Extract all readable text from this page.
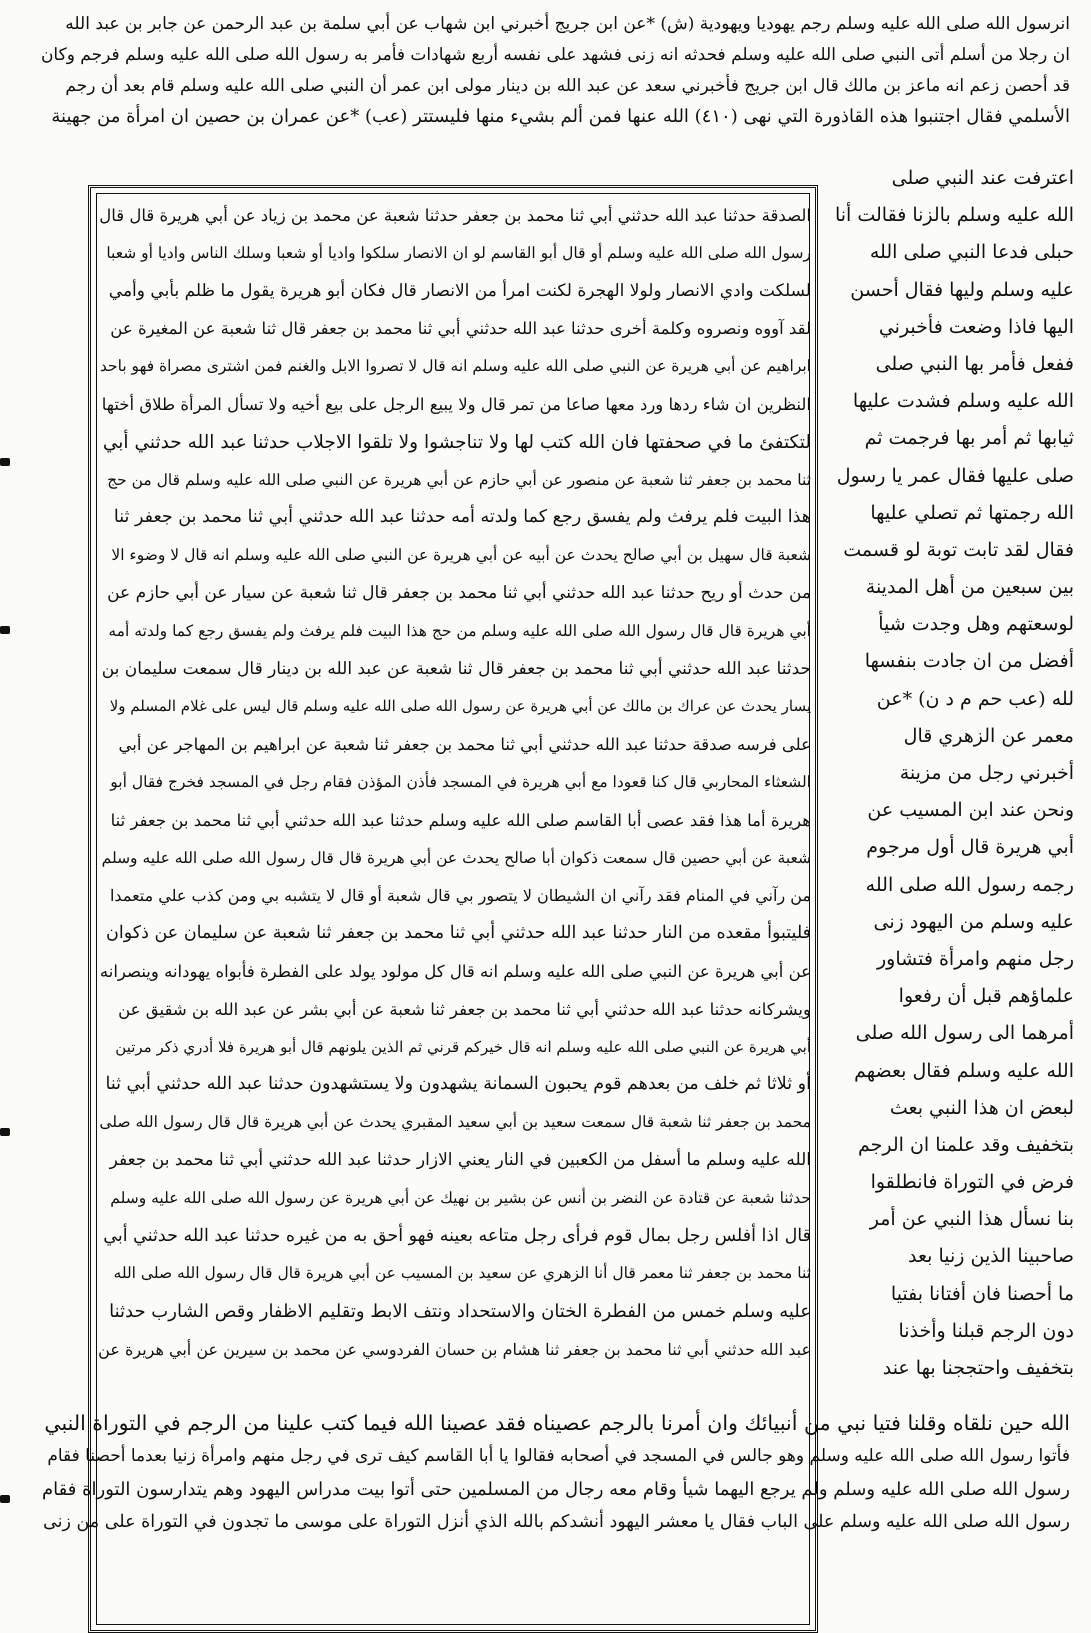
انرسول الله صلى الله عليه وسلم رجم يهوديا ويهودية (ش) *عن ابن جريج أخبرني ابن شهاب عن أبي سلمة بن عبد الرحمن عن جابر بن عبد الله
ان رجلا من أسلم أتى النبي صلى الله عليه وسلم فحدثه انه زنى فشهد على نفسه أربع شهادات فأمر به رسول الله صلى الله عليه وسلم فرجم وكان
قد أحصن زعم انه ماعز بن مالك قال ابن جريج فأخبرني سعد عن عبد الله بن دينار مولى ابن عمر أن النبي صلى الله عليه وسلم قام بعد أن رجم
الأسلمي فقال اجتنبوا هذه القاذورة التي نهى (٤١٠) الله عنها فمن ألم بشيء منها فليستتر (عب) *عن عمران بن حصين ان امرأة من جهينة
الصدقة حدثنا عبد الله حدثني أبي ثنا محمد بن جعفر حدثنا شعبة عن محمد بن زياد عن أبي هريرة قال قال
رسول الله صلى الله عليه وسلم أو قال أبو القاسم لو ان الانصار سلكوا واديا أو شعبا وسلك الناس واديا أو شعبا
لسلكت وادي الانصار ولولا الهجرة لكنت امرأ من الانصار قال فكان أبو هريرة يقول ما ظلم بأبي وأمي
لقد آووه ونصروه وكلمة أخرى حدثنا عبد الله حدثني أبي ثنا محمد بن جعفر قال ثنا شعبة عن المغيرة عن
ابراهيم عن أبي هريرة عن النبي صلى الله عليه وسلم انه قال لا تصروا الابل والغنم فمن اشترى مصراة فهو باحد
النظرين ان شاء ردها ورد معها صاعا من تمر قال ولا يبيع الرجل على بيع أخيه ولا تسأل المرأة طلاق أختها
لتكتفئ ما في صحفتها فان الله كتب لها ولا تناجشوا ولا تلقوا الاجلاب حدثنا عبد الله حدثني أبي
ثنا محمد بن جعفر ثنا شعبة عن منصور عن أبي حازم عن أبي هريرة عن النبي صلى الله عليه وسلم قال من حج
هذا البيت فلم يرفث ولم يفسق رجع كما ولدته أمه حدثنا عبد الله حدثني أبي ثنا محمد بن جعفر ثنا
شعبة قال سهيل بن أبي صالح يحدث عن أبيه عن أبي هريرة عن النبي صلى الله عليه وسلم انه قال لا وضوء الا
من حدث أو ريح حدثنا عبد الله حدثني أبي ثنا محمد بن جعفر قال ثنا شعبة عن سيار عن أبي حازم عن
أبي هريرة قال قال رسول الله صلى الله عليه وسلم من حج هذا البيت فلم يرفث ولم يفسق رجع كما ولدته أمه
حدثنا عبد الله حدثني أبي ثنا محمد بن جعفر قال ثنا شعبة عن عبد الله بن دينار قال سمعت سليمان بن
يسار يحدث عن عراك بن مالك عن أبي هريرة عن رسول الله صلى الله عليه وسلم قال ليس على غلام المسلم ولا
على فرسه صدقة حدثنا عبد الله حدثني أبي ثنا محمد بن جعفر ثنا شعبة عن ابراهيم بن المهاجر عن أبي
الشعثاء المحاربي قال كنا قعودا مع أبي هريرة في المسجد فأذن المؤذن فقام رجل في المسجد فخرج فقال أبو
هريرة أما هذا فقد عصى أبا القاسم صلى الله عليه وسلم حدثنا عبد الله حدثني أبي ثنا محمد بن جعفر ثنا
شعبة عن أبي حصين قال سمعت ذكوان أبا صالح يحدث عن أبي هريرة قال قال رسول الله صلى الله عليه وسلم
من رآني في المنام فقد رآني ان الشيطان لا يتصور بي قال شعبة أو قال لا يتشبه بي ومن كذب علي متعمدا
فليتبوأ مقعده من النار حدثنا عبد الله حدثني أبي ثنا محمد بن جعفر ثنا شعبة عن سليمان عن ذكوان
عن أبي هريرة عن النبي صلى الله عليه وسلم انه قال كل مولود يولد على الفطرة فأبواه يهودانه وينصرانه
ويشركانه حدثنا عبد الله حدثني أبي ثنا محمد بن جعفر ثنا شعبة عن أبي بشر عن عبد الله بن شقيق عن
أبي هريرة عن النبي صلى الله عليه وسلم انه قال خيركم قرني ثم الذين يلونهم قال أبو هريرة فلا أدري ذكر مرتين
أو ثلاثا ثم خلف من بعدهم قوم يحبون السمانة يشهدون ولا يستشهدون حدثنا عبد الله حدثني أبي ثنا
محمد بن جعفر ثنا شعبة قال سمعت سعيد بن أبي سعيد المقبري يحدث عن أبي هريرة قال قال رسول الله صلى
الله عليه وسلم ما أسفل من الكعبين في النار يعني الازار حدثنا عبد الله حدثني أبي ثنا محمد بن جعفر
حدثنا شعبة عن قتادة عن النضر بن أنس عن بشير بن نهيك عن أبي هريرة عن رسول الله صلى الله عليه وسلم
قال اذا أفلس رجل بمال قوم فرأى رجل متاعه بعينه فهو أحق به من غيره حدثنا عبد الله حدثني أبي
ثنا محمد بن جعفر ثنا معمر قال أنا الزهري عن سعيد بن المسيب عن أبي هريرة قال قال رسول الله صلى الله
عليه وسلم خمس من الفطرة الختان والاستحداد ونتف الابط وتقليم الاظفار وقص الشارب حدثنا
عبد الله حدثني أبي ثنا محمد بن جعفر ثنا هشام بن حسان الفردوسي عن محمد بن سيرين عن أبي هريرة عن
اعترفت عند النبي صلى
الله عليه وسلم بالزنا فقالت أنا
حبلى فدعا النبي صلى الله
عليه وسلم وليها فقال أحسن
اليها فاذا وضعت فأخبرني
ففعل فأمر بها النبي صلى
الله عليه وسلم فشدت عليها
ثيابها ثم أمر بها فرجمت ثم
صلى عليها فقال عمر يا رسول
الله رجمتها ثم تصلي عليها
فقال لقد تابت توبة لو قسمت
بين سبعين من أهل المدينة
لوسعتهم وهل وجدت شيأ
أفضل من ان جادت بنفسها
لله (عب حم م د ن) *عن
معمر عن الزهري قال
أخبرني رجل من مزينة
ونحن عند ابن المسيب عن
أبي هريرة قال أول مرجوم
رجمه رسول الله صلى الله
عليه وسلم من اليهود زنى
رجل منهم وامرأة فتشاور
علماؤهم قبل أن رفعوا
أمرهما الى رسول الله صلى
الله عليه وسلم فقال بعضهم
لبعض ان هذا النبي بعث
بتخفيف وقد علمنا ان الرجم
فرض في التوراة فانطلقوا
بنا نسأل هذا النبي عن أمر
صاحبينا الذين زنيا بعد
ما أحصنا فان أفتانا بفتيا
دون الرجم قبلنا وأخذنا
بتخفيف واحتججنا بها عند
الله حين نلقاه وقلنا فتيا نبي من أنبيائك وان أمرنا بالرجم عصيناه فقد عصينا الله فيما كتب علينا من الرجم في التوراة النبي
فأتوا رسول الله صلى الله عليه وسلم وهو جالس في المسجد في أصحابه فقالوا يا أبا القاسم كيف ترى في رجل منهم وامرأة زنيا بعدما أحصنا فقام
رسول الله صلى الله عليه وسلم ولم يرجع اليهما شيأ وقام معه رجال من المسلمين حتى أتوا بيت مدراس اليهود وهم يتدارسون التوراة فقام
رسول الله صلى الله عليه وسلم على الباب فقال يا معشر اليهود أنشدكم بالله الذي أنزل التوراة على موسى ما تجدون في التوراة على من زنى
